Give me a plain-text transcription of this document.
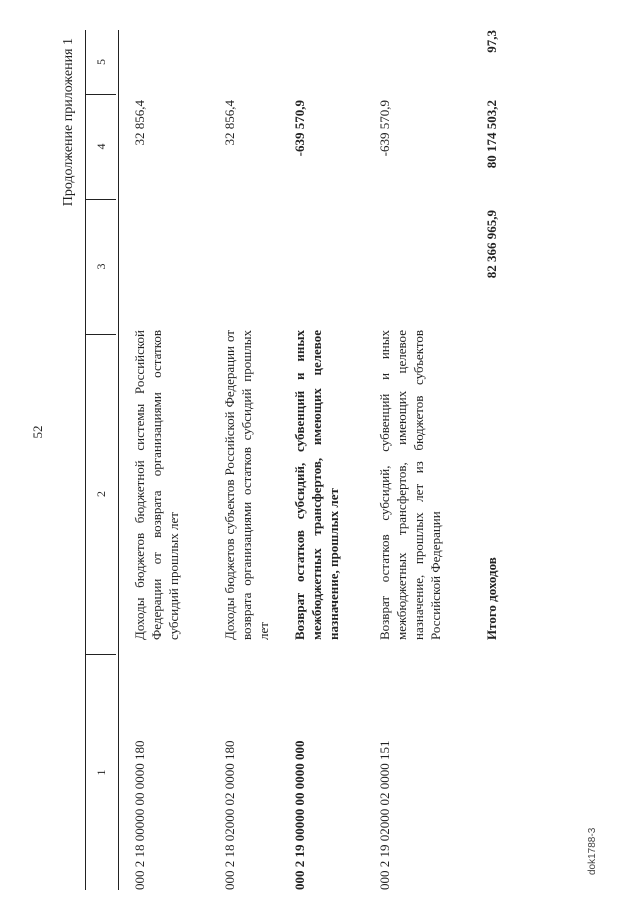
52
dok1788-3
Продолжение приложения 1
1
2
3
4
5
000 2 18 00000 00 0000 180
Доходы бюджетов бюджетной системы Российской Федерации от возврата организациями остатков субсидий прошлых лет
32 856,4
000 2 18 02000 02 0000 180
Доходы бюджетов субъектов Российской Федерации от возврата организациями остатков субсидий прошлых лет
32 856,4
000 2 19 00000 00 0000 000
Возврат остатков субсидий, субвенций и иных межбюджетных трансфертов, имеющих целевое назначение, прошлых лет
-639 570,9
000 2 19 02000 02 0000 151
Возврат остатков субсидий, субвенций и иных межбюджетных трансфертов, имеющих целевое назначение, прошлых лет из бюджетов субъектов Российской Федерации
-639 570,9
Итого доходов
82 366 965,9
80 174 503,2
97,3
